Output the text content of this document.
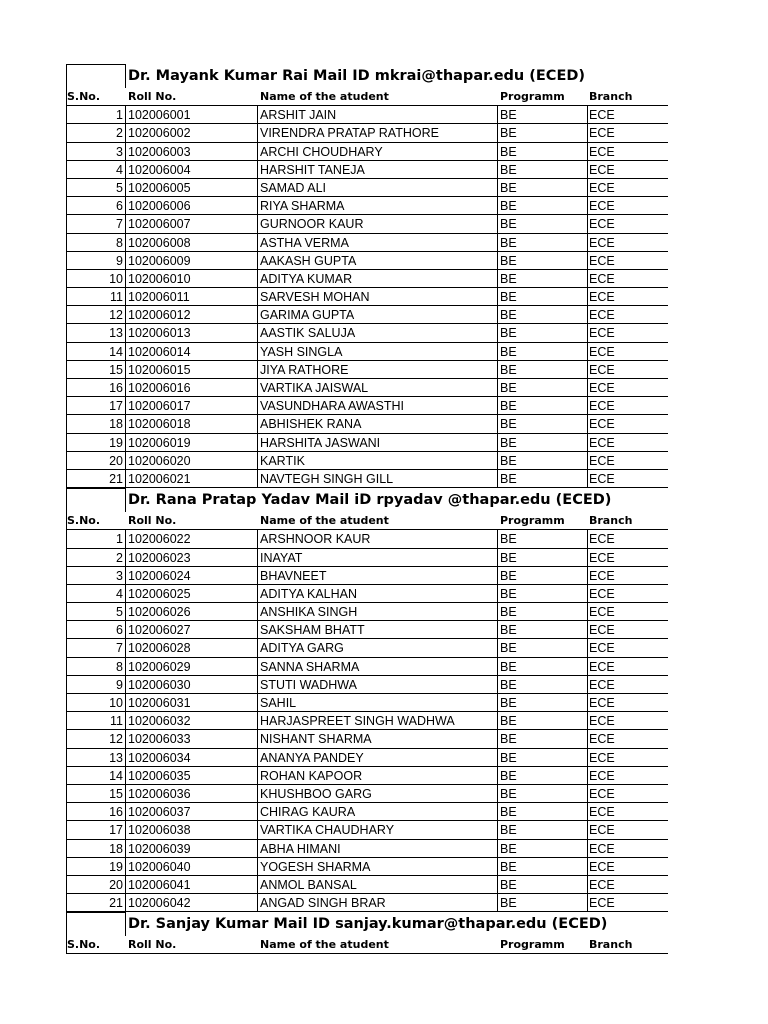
Dr. Mayank Kumar Rai Mail ID mkrai@thapar.edu (ECED)
S.No.	Roll No.	Name of the atudent	Programm	Branch
1 102006001	ARSHIT JAIN	BE	ECE
2 102006002	VIRENDRA PRATAP RATHORE	BE	ECE
3 102006003	ARCHI CHOUDHARY	BE	ECE
4 102006004	HARSHIT TANEJA	BE	ECE
5 102006005	SAMAD ALI	BE	ECE
6 102006006	RIYA SHARMA	BE	ECE
7 102006007	GURNOOR KAUR	BE	ECE
8 102006008	ASTHA VERMA	BE	ECE
9 102006009	AAKASH GUPTA	BE	ECE
10 102006010	ADITYA KUMAR	BE	ECE
11 102006011	SARVESH MOHAN	BE	ECE
12 102006012	GARIMA GUPTA	BE	ECE
13 102006013	AASTIK SALUJA	BE	ECE
14 102006014	YASH SINGLA	BE	ECE
15 102006015	JIYA RATHORE	BE	ECE
16 102006016	VARTIKA JAISWAL	BE	ECE
17 102006017	VASUNDHARA AWASTHI	BE	ECE
18 102006018	ABHISHEK RANA	BE	ECE
19 102006019	HARSHITA JASWANI	BE	ECE
20 102006020	KARTIK	BE	ECE
21 102006021	NAVTEGH SINGH GILL	BE	ECE
Dr. Rana Pratap Yadav Mail iD rpyadav @thapar.edu (ECED)
S.No.	Roll No.	Name of the atudent	Programm	Branch
1 102006022	ARSHNOOR KAUR	BE	ECE
2 102006023	INAYAT	BE	ECE
3 102006024	BHAVNEET	BE	ECE
4 102006025	ADITYA KALHAN	BE	ECE
5 102006026	ANSHIKA SINGH	BE	ECE
6 102006027	SAKSHAM BHATT	BE	ECE
7 102006028	ADITYA GARG	BE	ECE
8 102006029	SANNA SHARMA	BE	ECE
9 102006030	STUTI WADHWA	BE	ECE
10 102006031	SAHIL	BE	ECE
11 102006032	HARJASPREET SINGH WADHWA	BE	ECE
12 102006033	NISHANT SHARMA	BE	ECE
13 102006034	ANANYA PANDEY	BE	ECE
14 102006035	ROHAN KAPOOR	BE	ECE
15 102006036	KHUSHBOO GARG	BE	ECE
16 102006037	CHIRAG KAURA	BE	ECE
17 102006038	VARTIKA CHAUDHARY	BE	ECE
18 102006039	ABHA HIMANI	BE	ECE
19 102006040	YOGESH SHARMA	BE	ECE
20 102006041	ANMOL BANSAL	BE	ECE
21 102006042	ANGAD SINGH BRAR	BE	ECE
Dr. Sanjay Kumar Mail ID sanjay.kumar@thapar.edu (ECED)
S.No.	Roll No.	Name of the atudent	Programm	Branch
